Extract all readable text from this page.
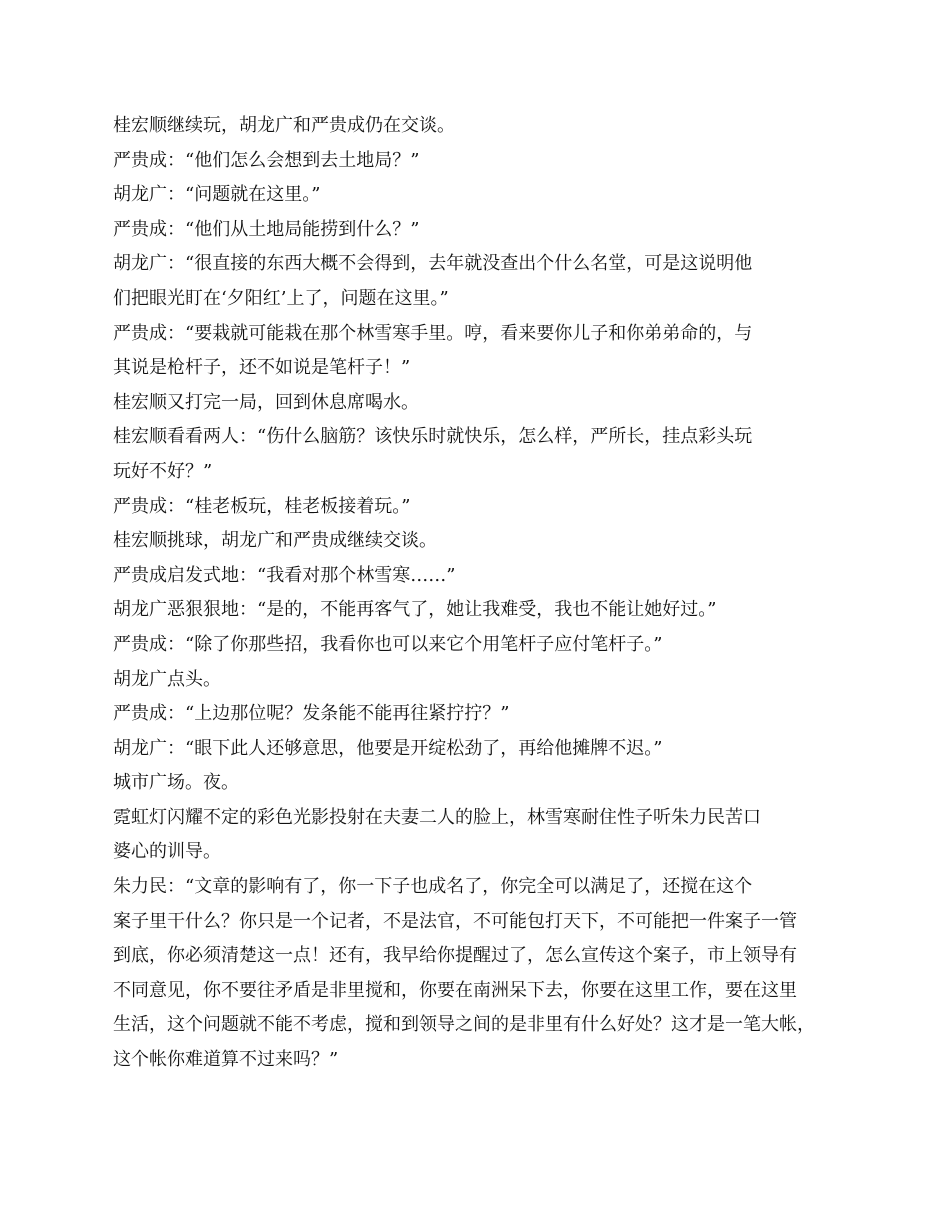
桂宏顺继续玩，胡龙广和严贵成仍在交谈。
严贵成：“他们怎么会想到去土地局？”
胡龙广：“问题就在这里。”
严贵成：“他们从土地局能捞到什么？”
胡龙广：“很直接的东西大概不会得到，去年就没查出个什么名堂，可是这说明他
们把眼光盯在‘夕阳红’上了，问题在这里。”
严贵成：“要栽就可能栽在那个林雪寒手里。哼，看来要你儿子和你弟弟命的，与
其说是枪杆子，还不如说是笔杆子！”
桂宏顺又打完一局，回到休息席喝水。
桂宏顺看看两人：“伤什么脑筋？该快乐时就快乐，怎么样，严所长，挂点彩头玩
玩好不好？”
严贵成：“桂老板玩，桂老板接着玩。”
桂宏顺挑球，胡龙广和严贵成继续交谈。
严贵成启发式地：“我看对那个林雪寒……”
胡龙广恶狠狠地：“是的，不能再客气了，她让我难受，我也不能让她好过。”
严贵成：“除了你那些招，我看你也可以来它个用笔杆子应付笔杆子。”
胡龙广点头。
严贵成：“上边那位呢？发条能不能再往紧拧拧？”
胡龙广：“眼下此人还够意思，他要是开绽松劲了，再给他摊牌不迟。”
城市广场。夜。
霓虹灯闪耀不定的彩色光影投射在夫妻二人的脸上，林雪寒耐住性子听朱力民苦口
婆心的训导。
朱力民：“文章的影响有了，你一下子也成名了，你完全可以满足了，还搅在这个
案子里干什么？你只是一个记者，不是法官，不可能包打天下，不可能把一件案子一管
到底，你必须清楚这一点！还有，我早给你提醒过了，怎么宣传这个案子，市上领导有
不同意见，你不要往矛盾是非里搅和，你要在南洲呆下去，你要在这里工作，要在这里
生活，这个问题就不能不考虑，搅和到领导之间的是非里有什么好处？这才是一笔大帐，
这个帐你难道算不过来吗？”
